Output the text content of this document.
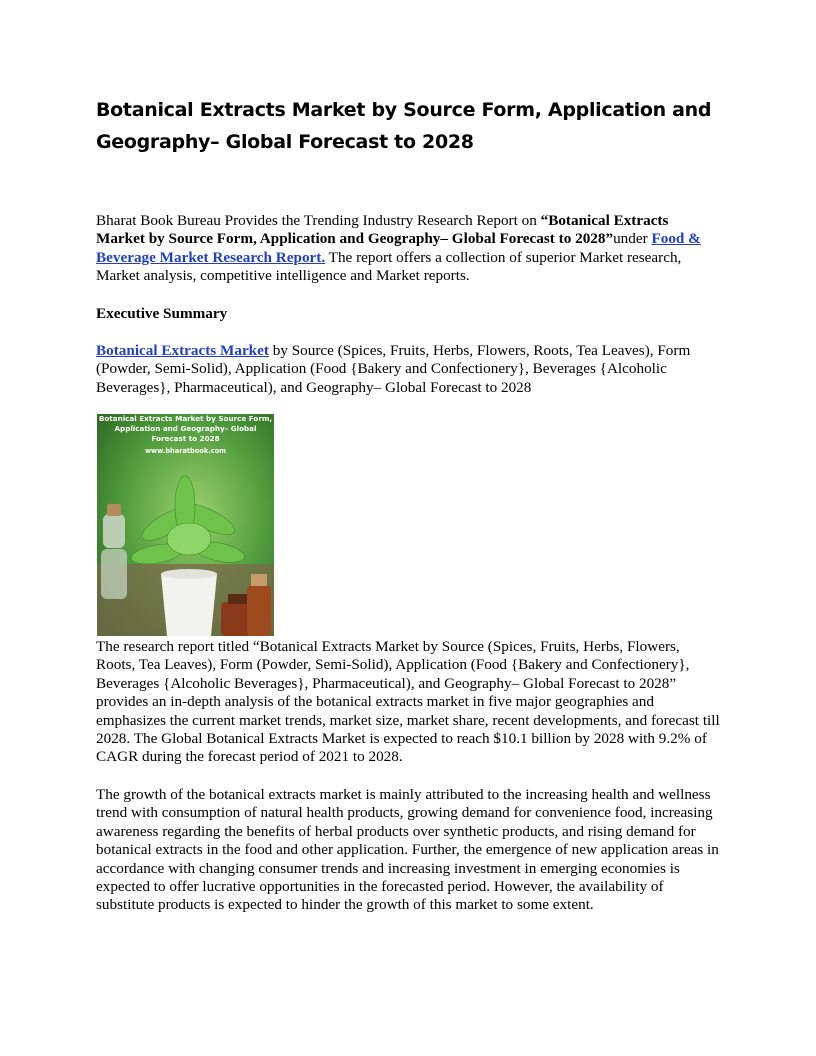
Botanical Extracts Market by Source Form, Application and Geography– Global Forecast to 2028

Bharat Book Bureau Provides the Trending Industry Research Report on “Botanical Extracts Market by Source Form, Application and Geography– Global Forecast to 2028”under Food & Beverage Market Research Report. The report offers a collection of superior Market research, Market analysis, competitive intelligence and Market reports.

Executive Summary

Botanical Extracts Market by Source (Spices, Fruits, Herbs, Flowers, Roots, Tea Leaves), Form (Powder, Semi-Solid), Application (Food {Bakery and Confectionery}, Beverages {Alcoholic Beverages}, Pharmaceutical), and Geography– Global Forecast to 2028

Botanical Extracts Market by Source Form, Application and Geography– Global Forecast to 2028
www.bharatbook.com

The research report titled “Botanical Extracts Market by Source (Spices, Fruits, Herbs, Flowers, Roots, Tea Leaves), Form (Powder, Semi-Solid), Application (Food {Bakery and Confectionery}, Beverages {Alcoholic Beverages}, Pharmaceutical), and Geography– Global Forecast to 2028” provides an in-depth analysis of the botanical extracts market in five major geographies and emphasizes the current market trends, market size, market share, recent developments, and forecast till 2028. The Global Botanical Extracts Market is expected to reach $10.1 billion by 2028 with 9.2% of CAGR during the forecast period of 2021 to 2028.

The growth of the botanical extracts market is mainly attributed to the increasing health and wellness trend with consumption of natural health products, growing demand for convenience food, increasing awareness regarding the benefits of herbal products over synthetic products, and rising demand for botanical extracts in the food and other application. Further, the emergence of new application areas in accordance with changing consumer trends and increasing investment in emerging economies is expected to offer lucrative opportunities in the forecasted period. However, the availability of substitute products is expected to hinder the growth of this market to some extent.
